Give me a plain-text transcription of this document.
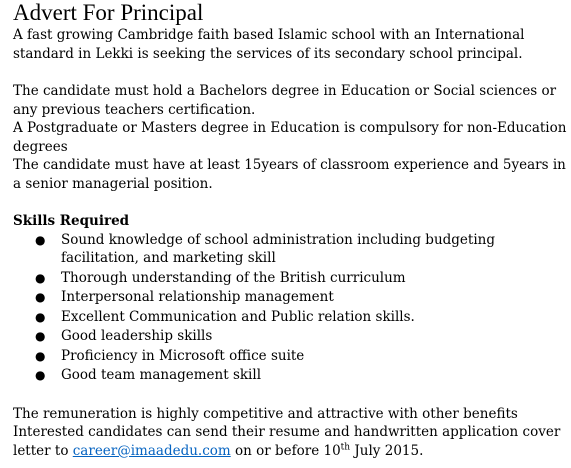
Advert For Principal

A fast growing Cambridge faith based Islamic school with an International standard in Lekki is seeking the services of its secondary school principal.

The candidate must hold a Bachelors degree in Education or Social sciences or any previous teachers certification.

A Postgraduate or Masters degree in Education is compulsory for non-Education degrees

The candidate must have at least 15years of classroom experience and 5years in a senior managerial position.

Skills Required

● Sound knowledge of school administration including budgeting facilitation, and marketing skill
● Thorough understanding of the British curriculum
● Interpersonal relationship management
● Excellent Communication and Public relation skills.
● Good leadership skills
● Proficiency in Microsoft office suite
● Good team management skill

The remuneration is highly competitive and attractive with other benefits

Interested candidates can send their resume and handwritten application cover letter to career@imaadedu.com on or before 10th July 2015.
